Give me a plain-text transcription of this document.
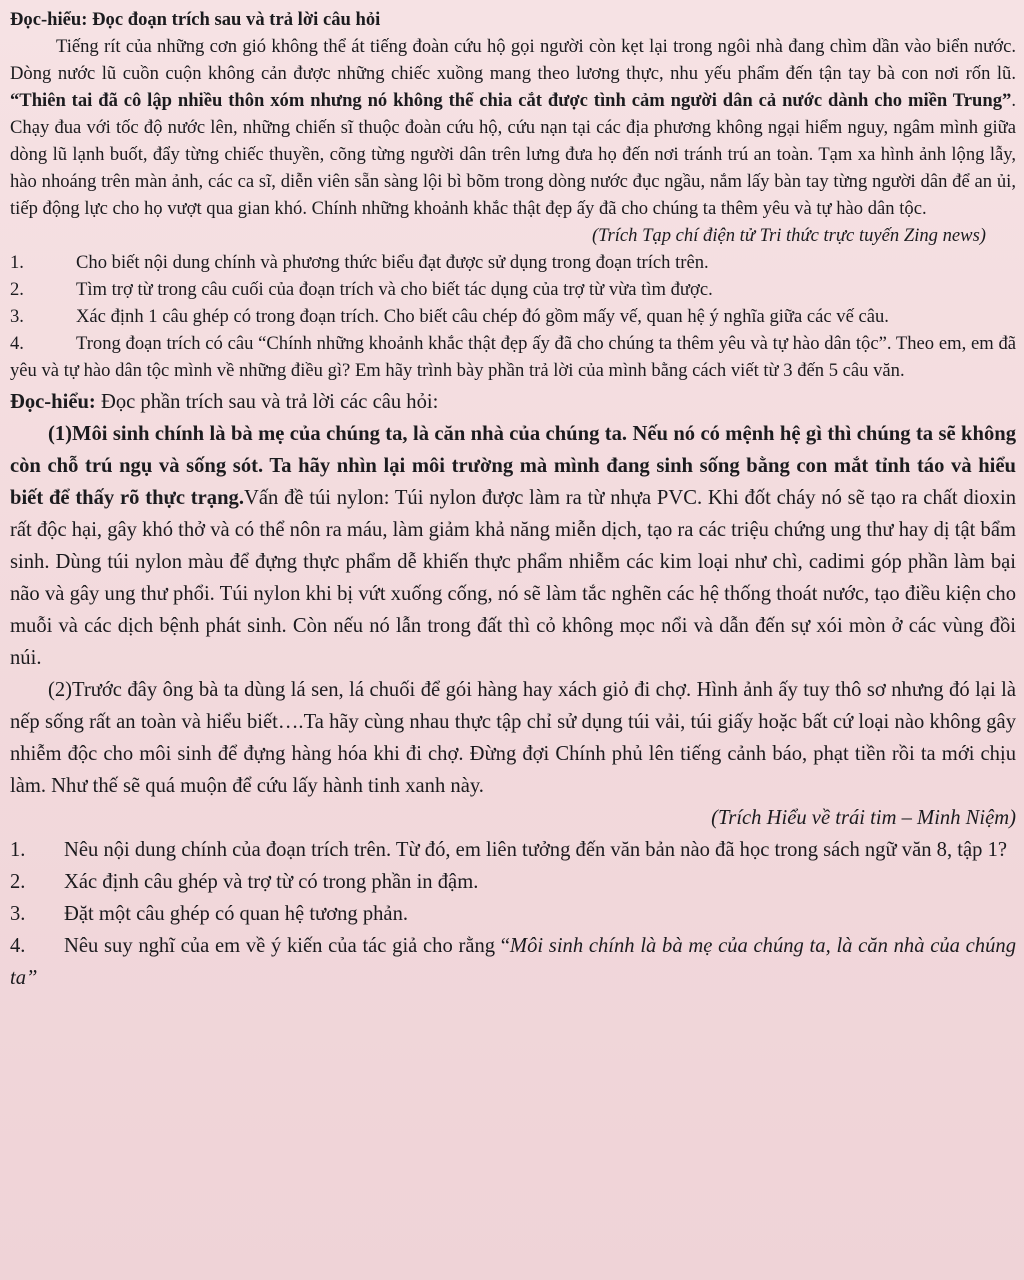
Đọc-hiểu: Đọc đoạn trích sau và trả lời câu hỏi

Tiếng rít của những cơn gió không thể át tiếng đoàn cứu hộ gọi người còn kẹt lại trong ngôi nhà đang chìm dần vào biển nước. Dòng nước lũ cuồn cuộn không cản được những chiếc xuồng mang theo lương thực, nhu yếu phẩm đến tận tay bà con nơi rốn lũ. “Thiên tai đã cô lập nhiều thôn xóm nhưng nó không thể chia cắt được tình cảm người dân cả nước dành cho miền Trung”. Chạy đua với tốc độ nước lên, những chiến sĩ thuộc đoàn cứu hộ, cứu nạn tại các địa phương không ngại hiểm nguy, ngâm mình giữa dòng lũ lạnh buốt, đẩy từng chiếc thuyền, cõng từng người dân trên lưng đưa họ đến nơi tránh trú an toàn. Tạm xa hình ảnh lộng lẫy, hào nhoáng trên màn ảnh, các ca sĩ, diễn viên sẵn sàng lội bì bõm trong dòng nước đục ngầu, nắm lấy bàn tay từng người dân để an ủi, tiếp động lực cho họ vượt qua gian khó. Chính những khoảnh khắc thật đẹp ấy đã cho chúng ta thêm yêu và tự hào dân tộc.

(Trích Tạp chí điện tử Tri thức trực tuyến Zing news)

1.	Cho biết nội dung chính và phương thức biểu đạt được sử dụng trong đoạn trích trên.
2.	Tìm trợ từ trong câu cuối của đoạn trích và cho biết tác dụng của trợ từ vừa tìm được.
3.	Xác định 1 câu ghép có trong đoạn trích. Cho biết câu chép đó gồm mấy vế, quan hệ ý nghĩa giữa các vế câu.
4.	Trong đoạn trích có câu “Chính những khoảnh khắc thật đẹp ấy đã cho chúng ta thêm yêu và tự hào dân tộc”. Theo em, em đã yêu và tự hào dân tộc mình về những điều gì? Em hãy trình bày phần trả lời của mình bằng cách viết từ 3 đến 5 câu văn.
Đọc-hiểu: Đọc phần trích sau và trả lời các câu hỏi:

(1)Môi sinh chính là bà mẹ của chúng ta, là căn nhà của chúng ta. Nếu nó có mệnh hệ gì thì chúng ta sẽ không còn chỗ trú ngụ và sống sót. Ta hãy nhìn lại môi trường mà mình đang sinh sống bằng con mắt tỉnh táo và hiểu biết để thấy rõ thực trạng.Vấn đề túi nylon: Túi nylon được làm ra từ nhựa PVC. Khi đốt cháy nó sẽ tạo ra chất dioxin rất độc hại, gây khó thở và có thể nôn ra máu, làm giảm khả năng miễn dịch, tạo ra các triệu chứng ung thư hay dị tật bẩm sinh. Dùng túi nylon màu để đựng thực phẩm dễ khiến thực phẩm nhiễm các kim loại như chì, cadimi góp phần làm bại não và gây ung thư phổi. Túi nylon khi bị vứt xuống cống, nó sẽ làm tắc nghẽn các hệ thống thoát nước, tạo điều kiện cho muỗi và các dịch bệnh phát sinh. Còn nếu nó lẫn trong đất thì cỏ không mọc nổi và dẫn đến sự xói mòn ở các vùng đồi núi.

(2)Trước đây ông bà ta dùng lá sen, lá chuối để gói hàng hay xách giỏ đi chợ. Hình ảnh ấy tuy thô sơ nhưng đó lại là nếp sống rất an toàn và hiểu biết….Ta hãy cùng nhau thực tập chỉ sử dụng túi vải, túi giấy hoặc bất cứ loại nào không gây nhiễm độc cho môi sinh để đựng hàng hóa khi đi chợ. Đừng đợi Chính phủ lên tiếng cảnh báo, phạt tiền rồi ta mới chịu làm. Như thế sẽ quá muộn để cứu lấy hành tinh xanh này.

(Trích Hiểu về trái tim – Minh Niệm)

1. Nêu nội dung chính của đoạn trích trên. Từ đó, em liên tưởng đến văn bản nào đã học trong sách ngữ văn 8, tập 1?
2.	Xác định câu ghép và trợ từ có trong phần in đậm.
3.	Đặt một câu ghép có quan hệ tương phản.
4. Nêu suy nghĩ của em về ý kiến của tác giả cho rằng “Môi sinh chính là bà mẹ của chúng ta, là căn nhà của chúng ta”
